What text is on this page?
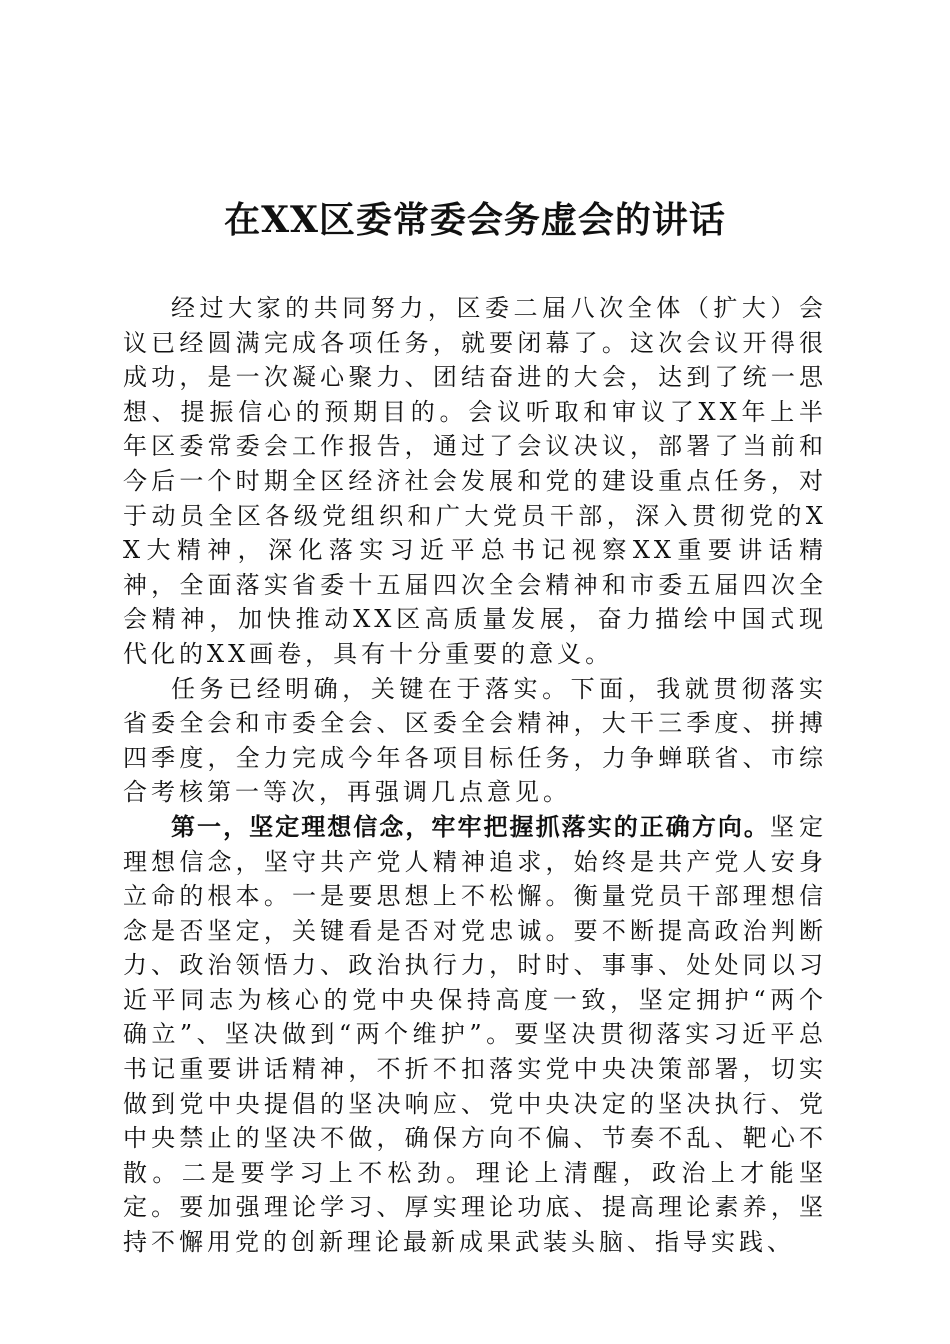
在XX区委常委会务虚会的讲话

经过大家的共同努力，区委二届八次全体（扩大）会议已经圆满完成各项任务，就要闭幕了。这次会议开得很成功，是一次凝心聚力、团结奋进的大会，达到了统一思想、提振信心的预期目的。会议听取和审议了XX年上半年区委常委会工作报告，通过了会议决议，部署了当前和今后一个时期全区经济社会发展和党的建设重点任务，对于动员全区各级党组织和广大党员干部，深入贯彻党的XX大精神，深化落实习近平总书记视察XX重要讲话精神，全面落实省委十五届四次全会精神和市委五届四次全会精神，加快推动XX区高质量发展，奋力描绘中国式现代化的XX画卷，具有十分重要的意义。

任务已经明确，关键在于落实。下面，我就贯彻落实省委全会和市委全会、区委全会精神，大干三季度、拼搏四季度，全力完成今年各项目标任务，力争蝉联省、市综合考核第一等次，再强调几点意见。

第一，坚定理想信念，牢牢把握抓落实的正确方向。坚定理想信念，坚守共产党人精神追求，始终是共产党人安身立命的根本。一是要思想上不松懈。衡量党员干部理想信念是否坚定，关键看是否对党忠诚。要不断提高政治判断力、政治领悟力、政治执行力，时时、事事、处处同以习近平同志为核心的党中央保持高度一致，坚定拥护“两个确立”、坚决做到“两个维护”。要坚决贯彻落实习近平总书记重要讲话精神，不折不扣落实党中央决策部署，切实做到党中央提倡的坚决响应、党中央决定的坚决执行、党中央禁止的坚决不做，确保方向不偏、节奏不乱、靶心不散。二是要学习上不松劲。理论上清醒，政治上才能坚定。要加强理论学习、厚实理论功底、提高理论素养，坚持不懈用党的创新理论最新成果武装头脑、指导实践、
